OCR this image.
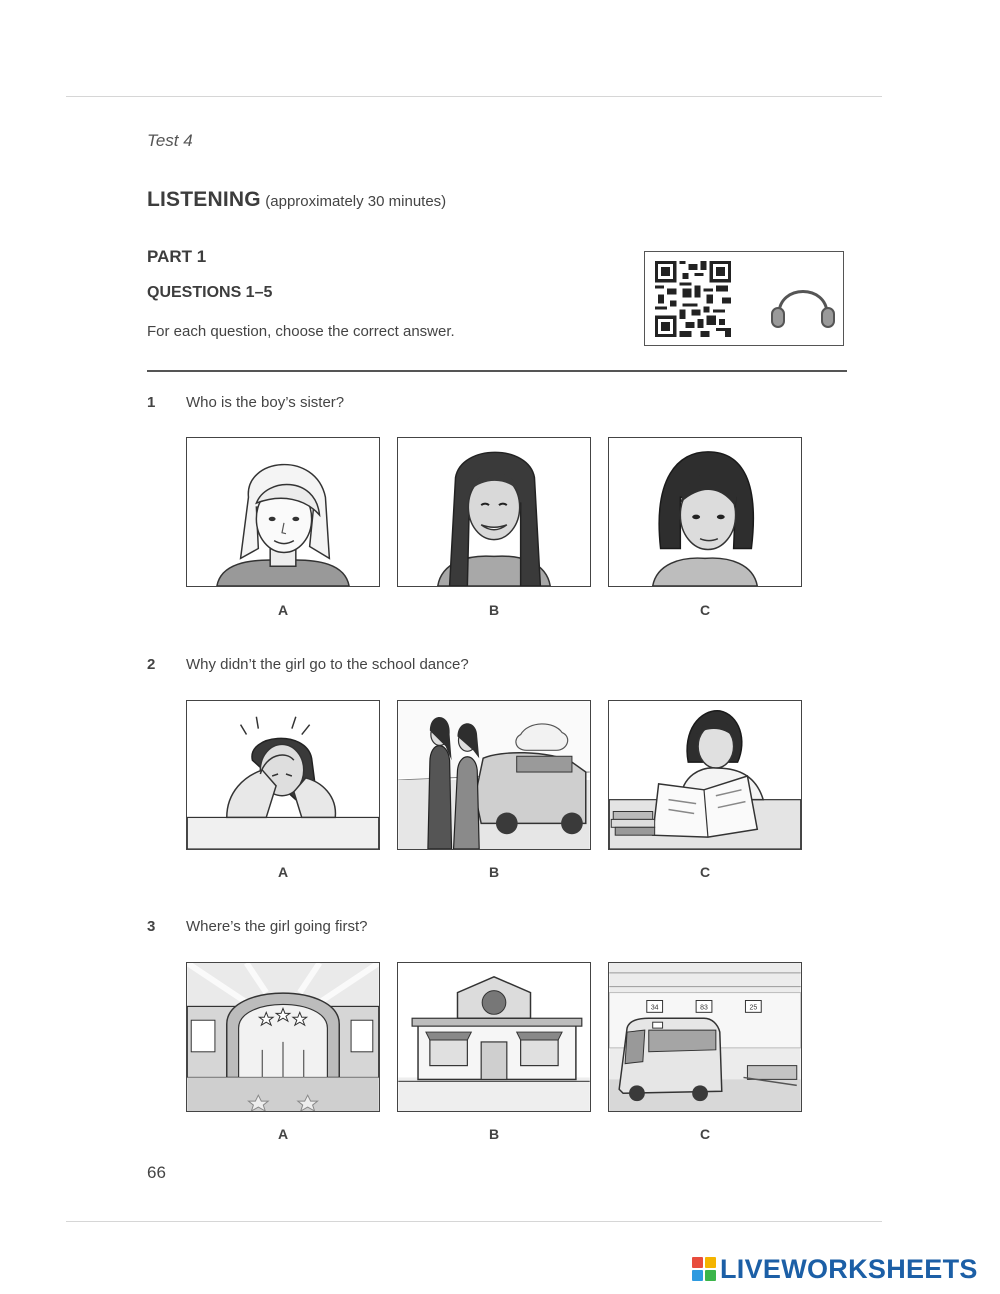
Test 4
LISTENING (approximately 30 minutes)
PART 1
QUESTIONS 1–5
For each question, choose the correct answer.
1 Who is the boy’s sister?
A	B	C
2 Why didn’t the girl go to the school dance?
A	B	C
3 Where’s the girl going first?
34	83	25
A	B	C
66
LIVEWORKSHEETS
